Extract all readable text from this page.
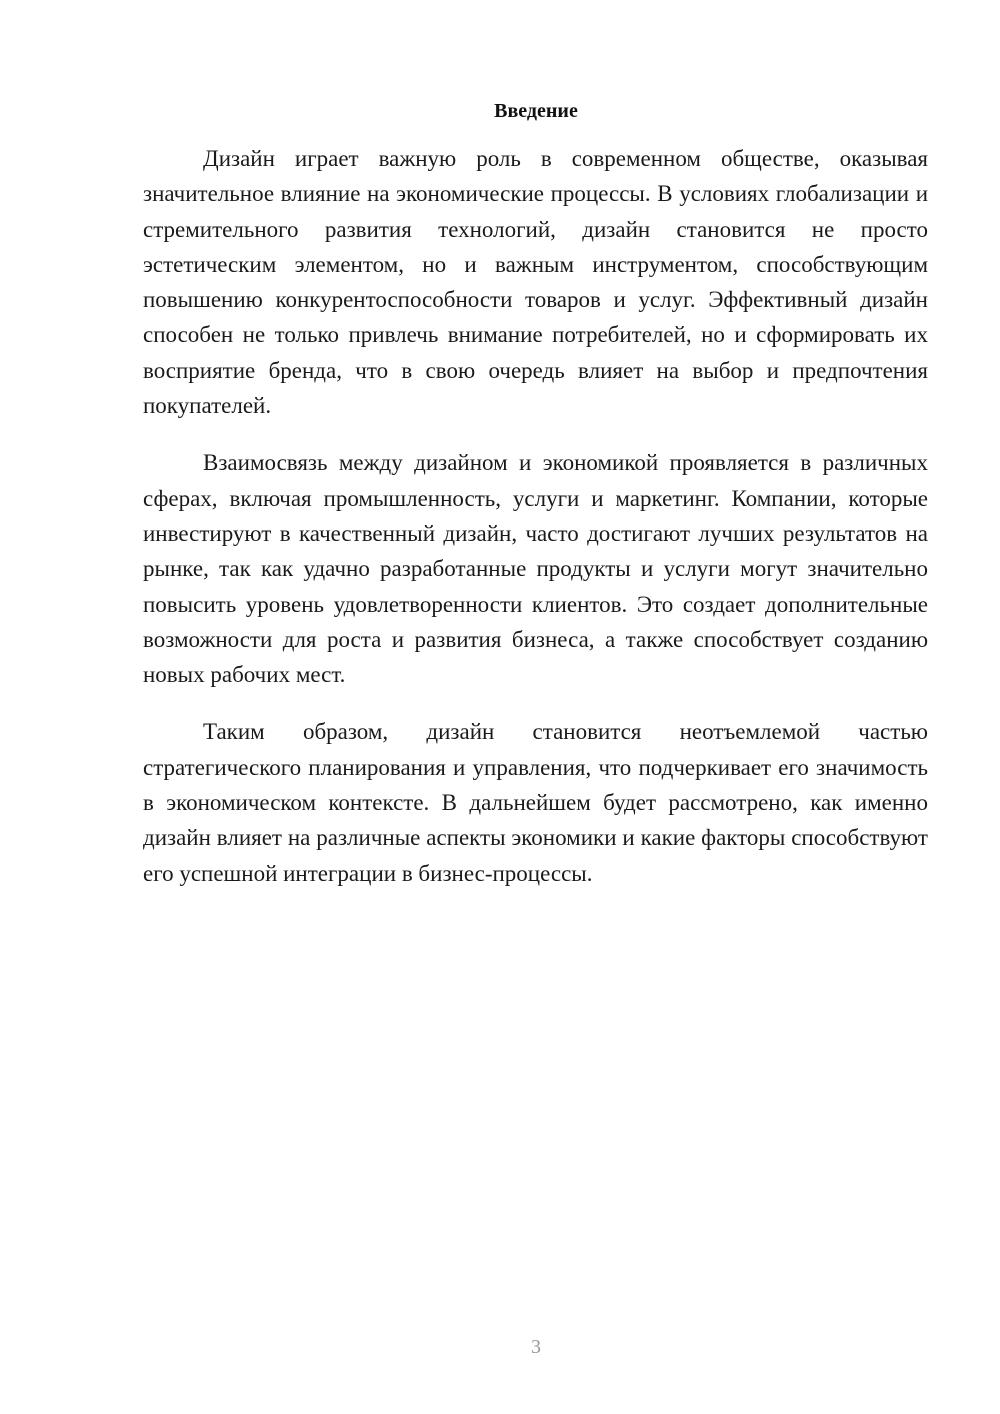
Введение

Дизайн играет важную роль в современном обществе, оказывая значительное влияние на экономические процессы. В условиях глобализации и стремительного развития технологий, дизайн становится не просто эстетическим элементом, но и важным инструментом, способствующим повышению конкурентоспособности товаров и услуг. Эффективный дизайн способен не только привлечь внимание потребителей, но и сформировать их восприятие бренда, что в свою очередь влияет на выбор и предпочтения покупателей.

Взаимосвязь между дизайном и экономикой проявляется в различных сферах, включая промышленность, услуги и маркетинг. Компании, которые инвестируют в качественный дизайн, часто достигают лучших результатов на рынке, так как удачно разработанные продукты и услуги могут значительно повысить уровень удовлетворенности клиентов. Это создает дополнительные возможности для роста и развития бизнеса, а также способствует созданию новых рабочих мест.

Таким образом, дизайн становится неотъемлемой частью стратегического планирования и управления, что подчеркивает его значимость в экономическом контексте. В дальнейшем будет рассмотрено, как именно дизайн влияет на различные аспекты экономики и какие факторы способствуют его успешной интеграции в бизнес-процессы.

3
